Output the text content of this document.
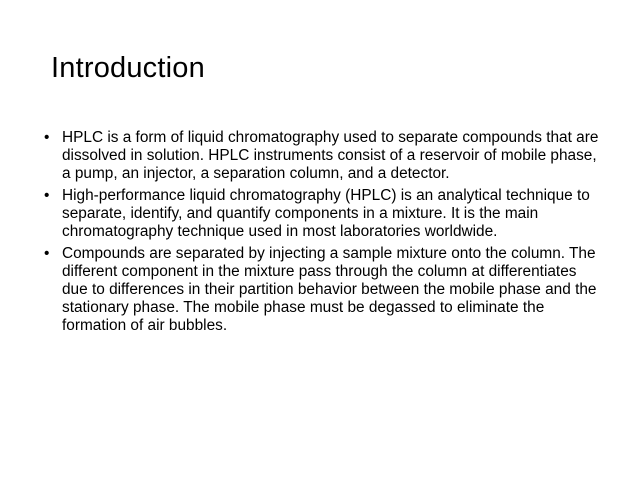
Introduction
• HPLC is a form of liquid chromatography used to separate compounds that are dissolved in solution. HPLC instruments consist of a reservoir of mobile phase, a pump, an injector, a separation column, and a detector.
• High-performance liquid chromatography (HPLC) is an analytical technique to separate, identify, and quantify components in a mixture. It is the main chromatography technique used in most laboratories worldwide.
• Compounds are separated by injecting a sample mixture onto the column. The different component in the mixture pass through the column at differentiates due to differences in their partition behavior between the mobile phase and the stationary phase. The mobile phase must be degassed to eliminate the formation of air bubbles.
